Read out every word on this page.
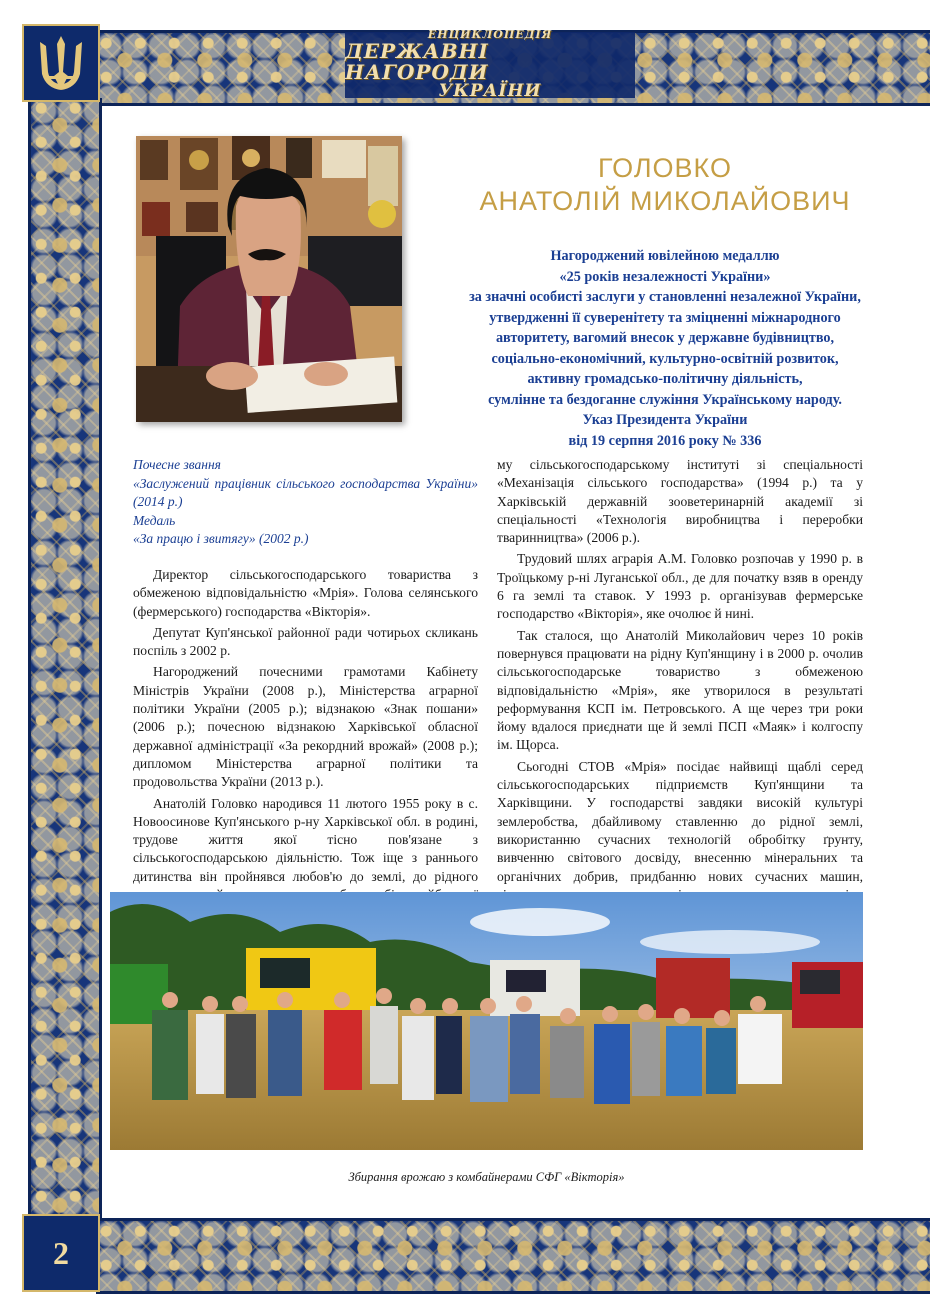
ЕНЦИКЛОПЕДІЯ
ДЕРЖАВНІ НАГОРОДИ
УКРАЇНИ
2
ГОЛОВКО
АНАТОЛІЙ МИКОЛАЙОВИЧ
Нагороджений ювілейною медаллю
«25 років незалежності України»
за значні особисті заслуги у становленні незалежної України,
утвердженні її суверенітету та зміцненні міжнародного
авторитету, вагомий внесок у державне будівництво,
соціально-економічний, культурно-освітній розвиток,
активну громадсько-політичну діяльність,
сумлінне та бездоганне служіння Українському народу.
Указ Президента України
від 19 серпня 2016 року № 336
Почесне звання
«Заслужений працівник сільського господарства України» (2014 р.)
Медаль
«За працю і звитягу» (2002 р.)

Директор сільськогосподарського товариства з обмеженою відповідальністю «Мрія». Голова селянського (фермерського) господарства «Вікторія».

Депутат Куп'янської районної ради чотирьох скликань поспіль з 2002 р.

Нагороджений почесними грамотами Кабінету Міністрів України (2008 р.), Міністерства аграрної політики України (2005 р.); відзнакою «Знак пошани» (2006 р.); почесною відзнакою Харківської обласної державної адміністрації «За рекордний врожай» (2008 р.); дипломом Міністерства аграрної політики та продовольства України (2013 р.).

Анатолій Головко народився 11 лютого 1955 року в с. Новоосинове Куп'янського р-ну Харківської обл. в родині, трудове життя якої тісно пов'язане з сільськогосподарською діяльністю. Тож іще з раннього дитинства він пройнявся любов'ю до землі, до рідного

му сільськогосподарському інституті зі спеціальності «Механізація сільського господарства» (1994 р.) та у Харківській державній зооветеринарній академії зі спеціальності «Технологія виробництва і переробки тваринництва» (2006 р.).

Трудовий шлях аграрія А.М. Головко розпочав у 1990 р. в Троїцькому р-ні Луганської обл., де для початку взяв в оренду 6 га землі та ставок. У 1993 р. організував фермерське господарство «Вікторія», яке очолює й нині.

Так сталося, що Анатолій Миколайович через 10 років повернувся працювати на рідну Куп'янщину і в 2000 р. очолив сільськогосподарське товариство з обмеженою відповідальністю «Мрія», яке утворилося в результаті реформування КСП ім. Петровського. А ще через три роки йому вдалося приєднати ще й землі ПСП «Маяк» і колгоспу ім. Щорса.

Сьогодні СТОВ «Мрія» посідає найвищі щаблі серед сільськогосподарських підприємств Куп'янщини та Харківщини. У господарстві завдяки високій культурі землеробства, дбайливому ставленню до рідної землі, використанню сучасних технологій обробітку ґрунту, вивченню світового досвіду, внесенню мінеральних та органічних добрив, придбанню нових сучасних машин,

Збирання врожаю з комбайнерами СФГ «Вікторія»
